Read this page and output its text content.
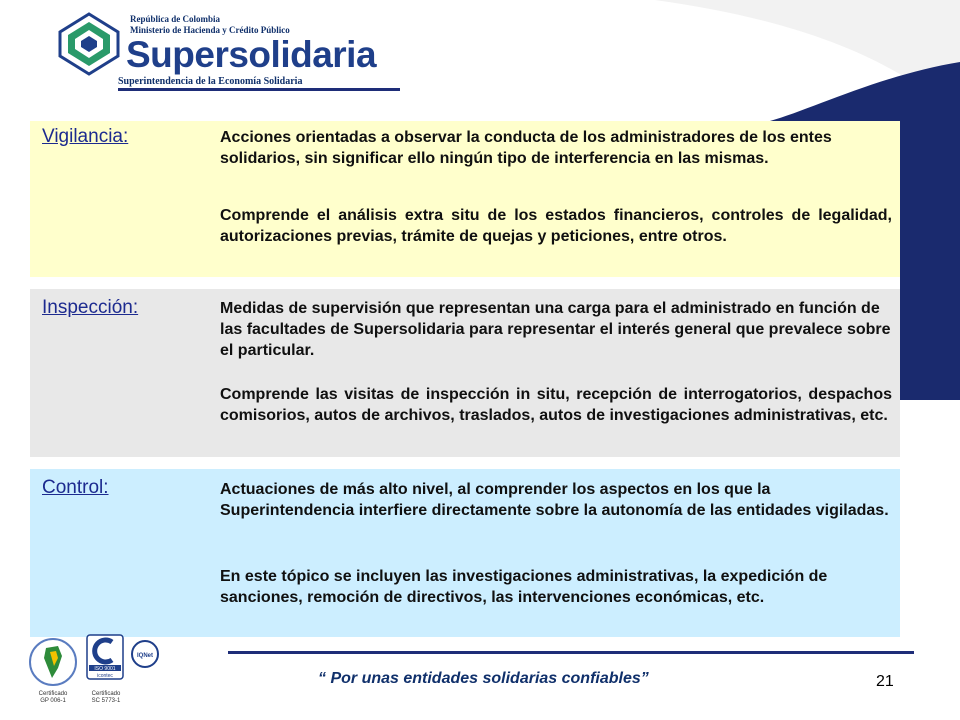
República de Colombia
Ministerio de Hacienda y Crédito Público
Supersolidaria
Superintendencia de la Economía Solidaria
Vigilancia:	Acciones orientadas a observar la conducta de los administradores de los entes solidarios, sin significar ello ningún tipo de interferencia en las mismas.
Comprende el análisis extra situ de los estados financieros, controles de legalidad, autorizaciones previas, trámite de quejas y peticiones, entre otros.
Inspección:	Medidas de supervisión que representan una carga para el administrado en función de las facultades de Supersolidaria para representar el interés general que prevalece sobre el particular.
Comprende las visitas de inspección in situ, recepción de interrogatorios, despachos comisorios, autos de archivos, traslados, autos de investigaciones administrativas, etc.
Control:	Actuaciones de más alto nivel, al comprender los aspectos en los que la Superintendencia interfiere directamente sobre la autonomía de las entidades vigiladas.
En este tópico se incluyen las investigaciones administrativas, la expedición de sanciones, remoción de directivos, las intervenciones económicas, etc.
ISO 9001
icontec
IQNet
Certificado
GP 006-1
Certificado
SC 5773-1
“ Por unas entidades solidarias confiables”	21
